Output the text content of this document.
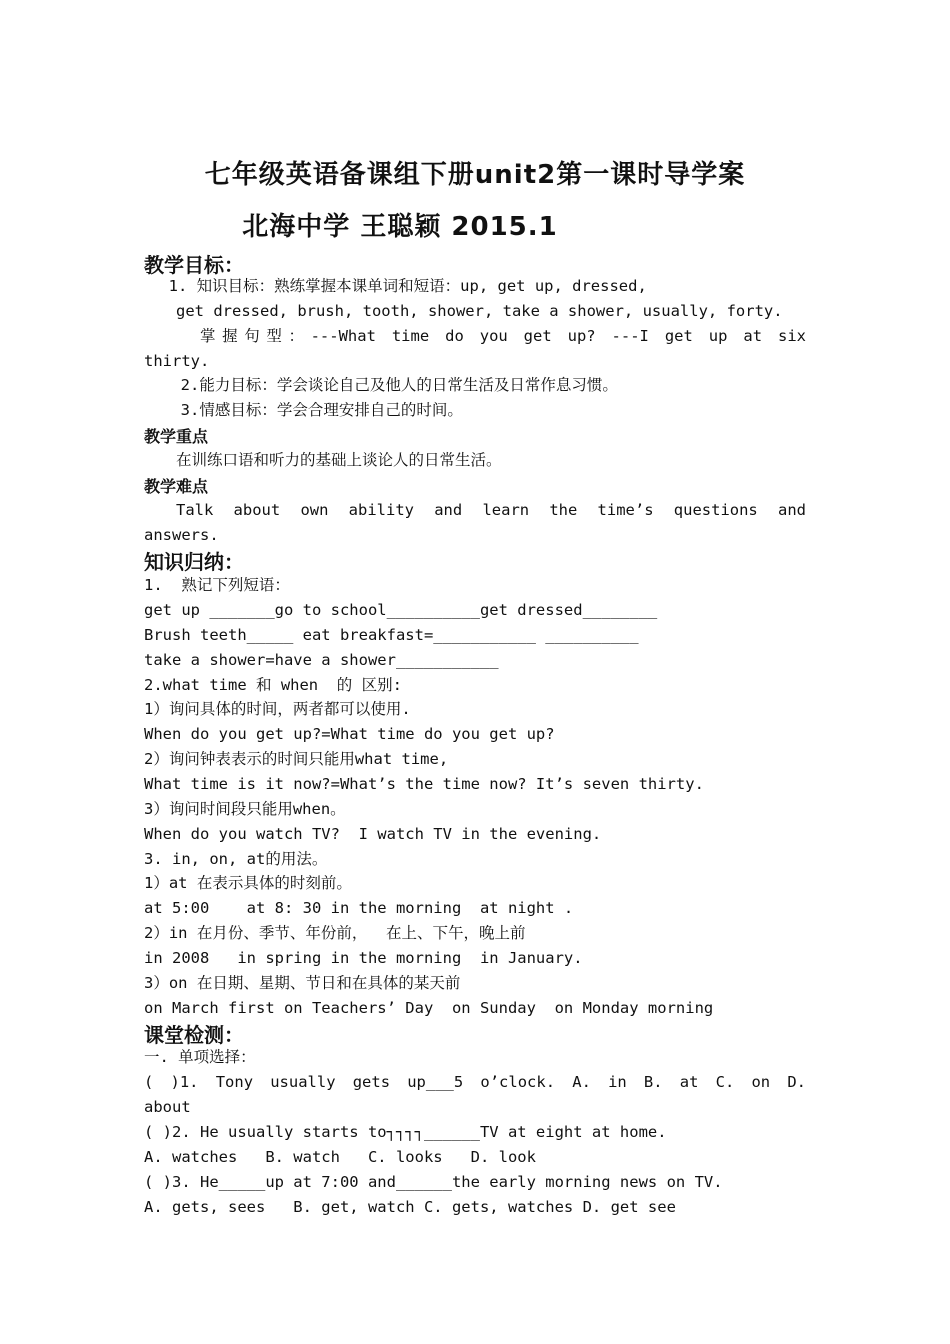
七年级英语备课组下册unit2第一课时导学案
北海中学 王聪颖 2015.1
教学目标：
1. 知识目标：熟练掌握本课单词和短语：up, get up, dressed,
get dressed, brush, tooth, shower, take a shower, usually, forty.
掌握句型：---What time do you get up? ---I get up at six
thirty.
2.能力目标：学会谈论自己及他人的日常生活及日常作息习惯。
3.情感目标：学会合理安排自己的时间。
教学重点
在训练口语和听力的基础上谈论人的日常生活。
教学难点
Talk about own ability and learn the time’s questions and
answers.
知识归纳：
1.  熟记下列短语：
get up _______go to school__________get dressed________
Brush teeth_____ eat breakfast=___________ __________
take a shower=have a shower___________
2.what time 和 when  的 区别:
1）询问具体的时间，两者都可以使用.
When do you get up?=What time do you get up?
2）询问钟表表示的时间只能用what time,
What time is it now?=What’s the time now? It’s seven thirty.
3）询问时间段只能用when。
When do you watch TV?  I watch TV in the evening.
3. in, on, at的用法。
1）at 在表示具体的时刻前。
at 5:00    at 8: 30 in the morning  at night .
2）in 在月份、季节、年份前，  在上、下午，晚上前
in 2008   in spring in the morning  in January.
3）on 在日期、星期、节日和在具体的某天前
on March first on Teachers’ Day  on Sunday  on Monday morning
课堂检测：
一. 单项选择：
( )1. Tony usually gets up___5 o’clock. A. in B. at C. on D.
about
( )2. He usually starts to┐┐┐┐______TV at eight at home.
A. watches   B. watch   C. looks   D. look
( )3. He_____up at 7:00 and______the early morning news on TV.
A. gets, sees   B. get, watch C. gets, watches D. get see
